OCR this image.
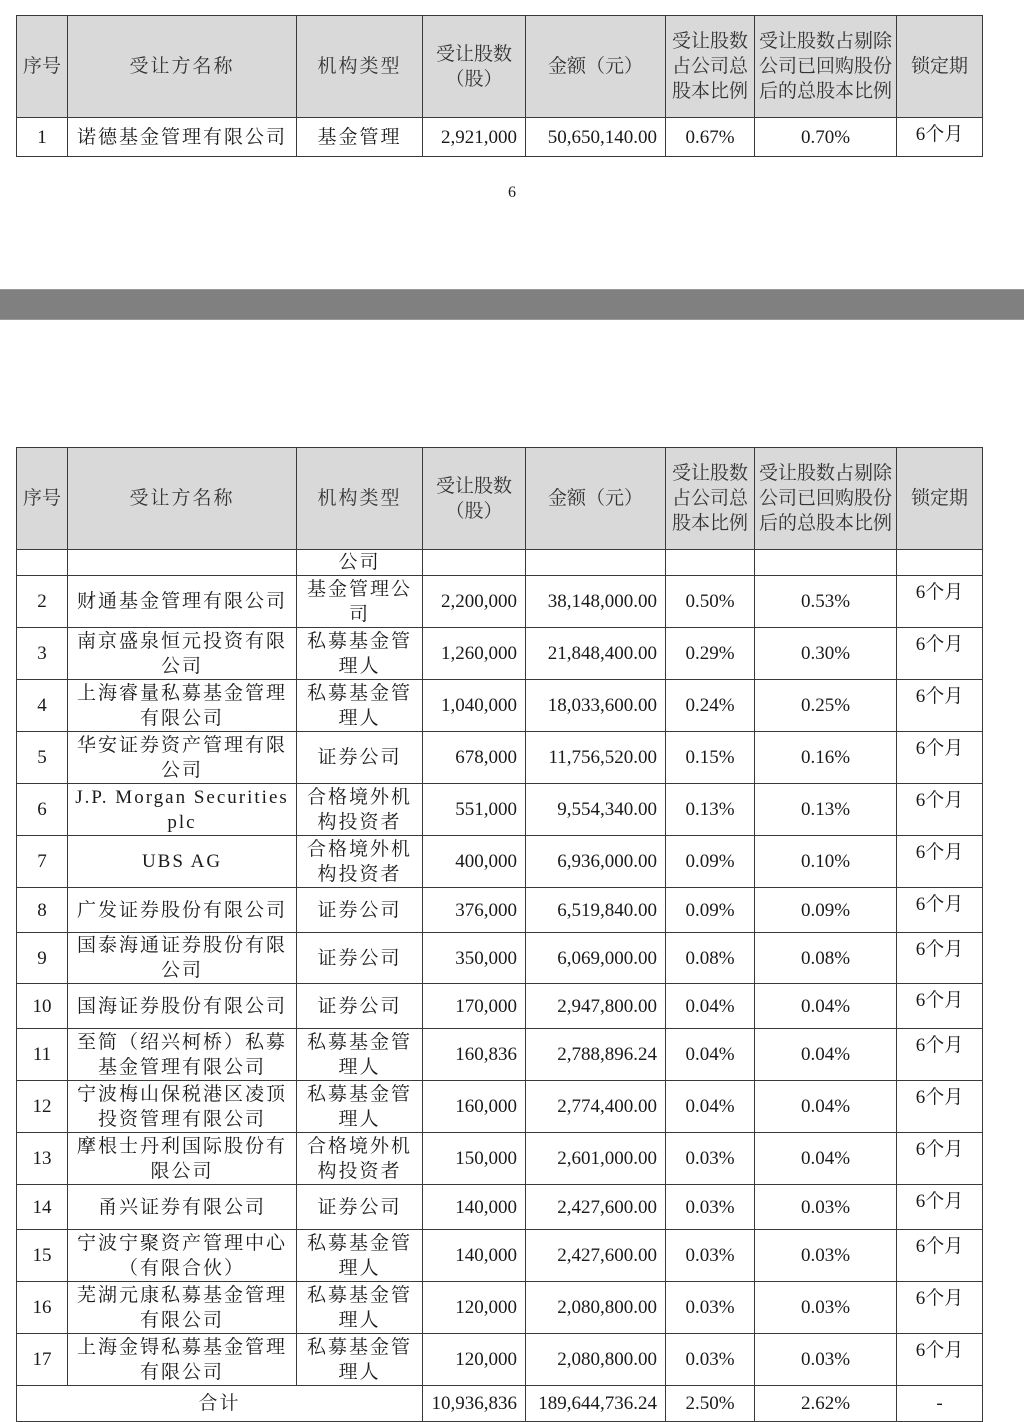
序号	受让方名称	机构类型	受让股数（股）	金额（元）	受让股数占公司总股本比例	受让股数占剔除公司已回购股份后的总股本比例	锁定期
1	诺德基金管理有限公司	基金管理	2,921,000	50,650,140.00	0.67%	0.70%	6个月
6
序号	受让方名称	机构类型	受让股数（股）	金额（元）	受让股数占公司总股本比例	受让股数占剔除公司已回购股份后的总股本比例	锁定期
		公司					
2	财通基金管理有限公司	基金管理公司	2,200,000	38,148,000.00	0.50%	0.53%	6个月
3	南京盛泉恒元投资有限公司	私募基金管理人	1,260,000	21,848,400.00	0.29%	0.30%	6个月
4	上海睿量私募基金管理有限公司	私募基金管理人	1,040,000	18,033,600.00	0.24%	0.25%	6个月
5	华安证券资产管理有限公司	证券公司	678,000	11,756,520.00	0.15%	0.16%	6个月
6	J.P. Morgan Securities plc	合格境外机构投资者	551,000	9,554,340.00	0.13%	0.13%	6个月
7	UBS AG	合格境外机构投资者	400,000	6,936,000.00	0.09%	0.10%	6个月
8	广发证券股份有限公司	证券公司	376,000	6,519,840.00	0.09%	0.09%	6个月
9	国泰海通证券股份有限公司	证券公司	350,000	6,069,000.00	0.08%	0.08%	6个月
10	国海证券股份有限公司	证券公司	170,000	2,947,800.00	0.04%	0.04%	6个月
11	至简（绍兴柯桥）私募基金管理有限公司	私募基金管理人	160,836	2,788,896.24	0.04%	0.04%	6个月
12	宁波梅山保税港区凌顶投资管理有限公司	私募基金管理人	160,000	2,774,400.00	0.04%	0.04%	6个月
13	摩根士丹利国际股份有限公司	合格境外机构投资者	150,000	2,601,000.00	0.03%	0.04%	6个月
14	甬兴证券有限公司	证券公司	140,000	2,427,600.00	0.03%	0.03%	6个月
15	宁波宁聚资产管理中心（有限合伙）	私募基金管理人	140,000	2,427,600.00	0.03%	0.03%	6个月
16	芜湖元康私募基金管理有限公司	私募基金管理人	120,000	2,080,800.00	0.03%	0.03%	6个月
17	上海金锝私募基金管理有限公司	私募基金管理人	120,000	2,080,800.00	0.03%	0.03%	6个月
合计			10,936,836	189,644,736.24	2.50%	2.62%	-
